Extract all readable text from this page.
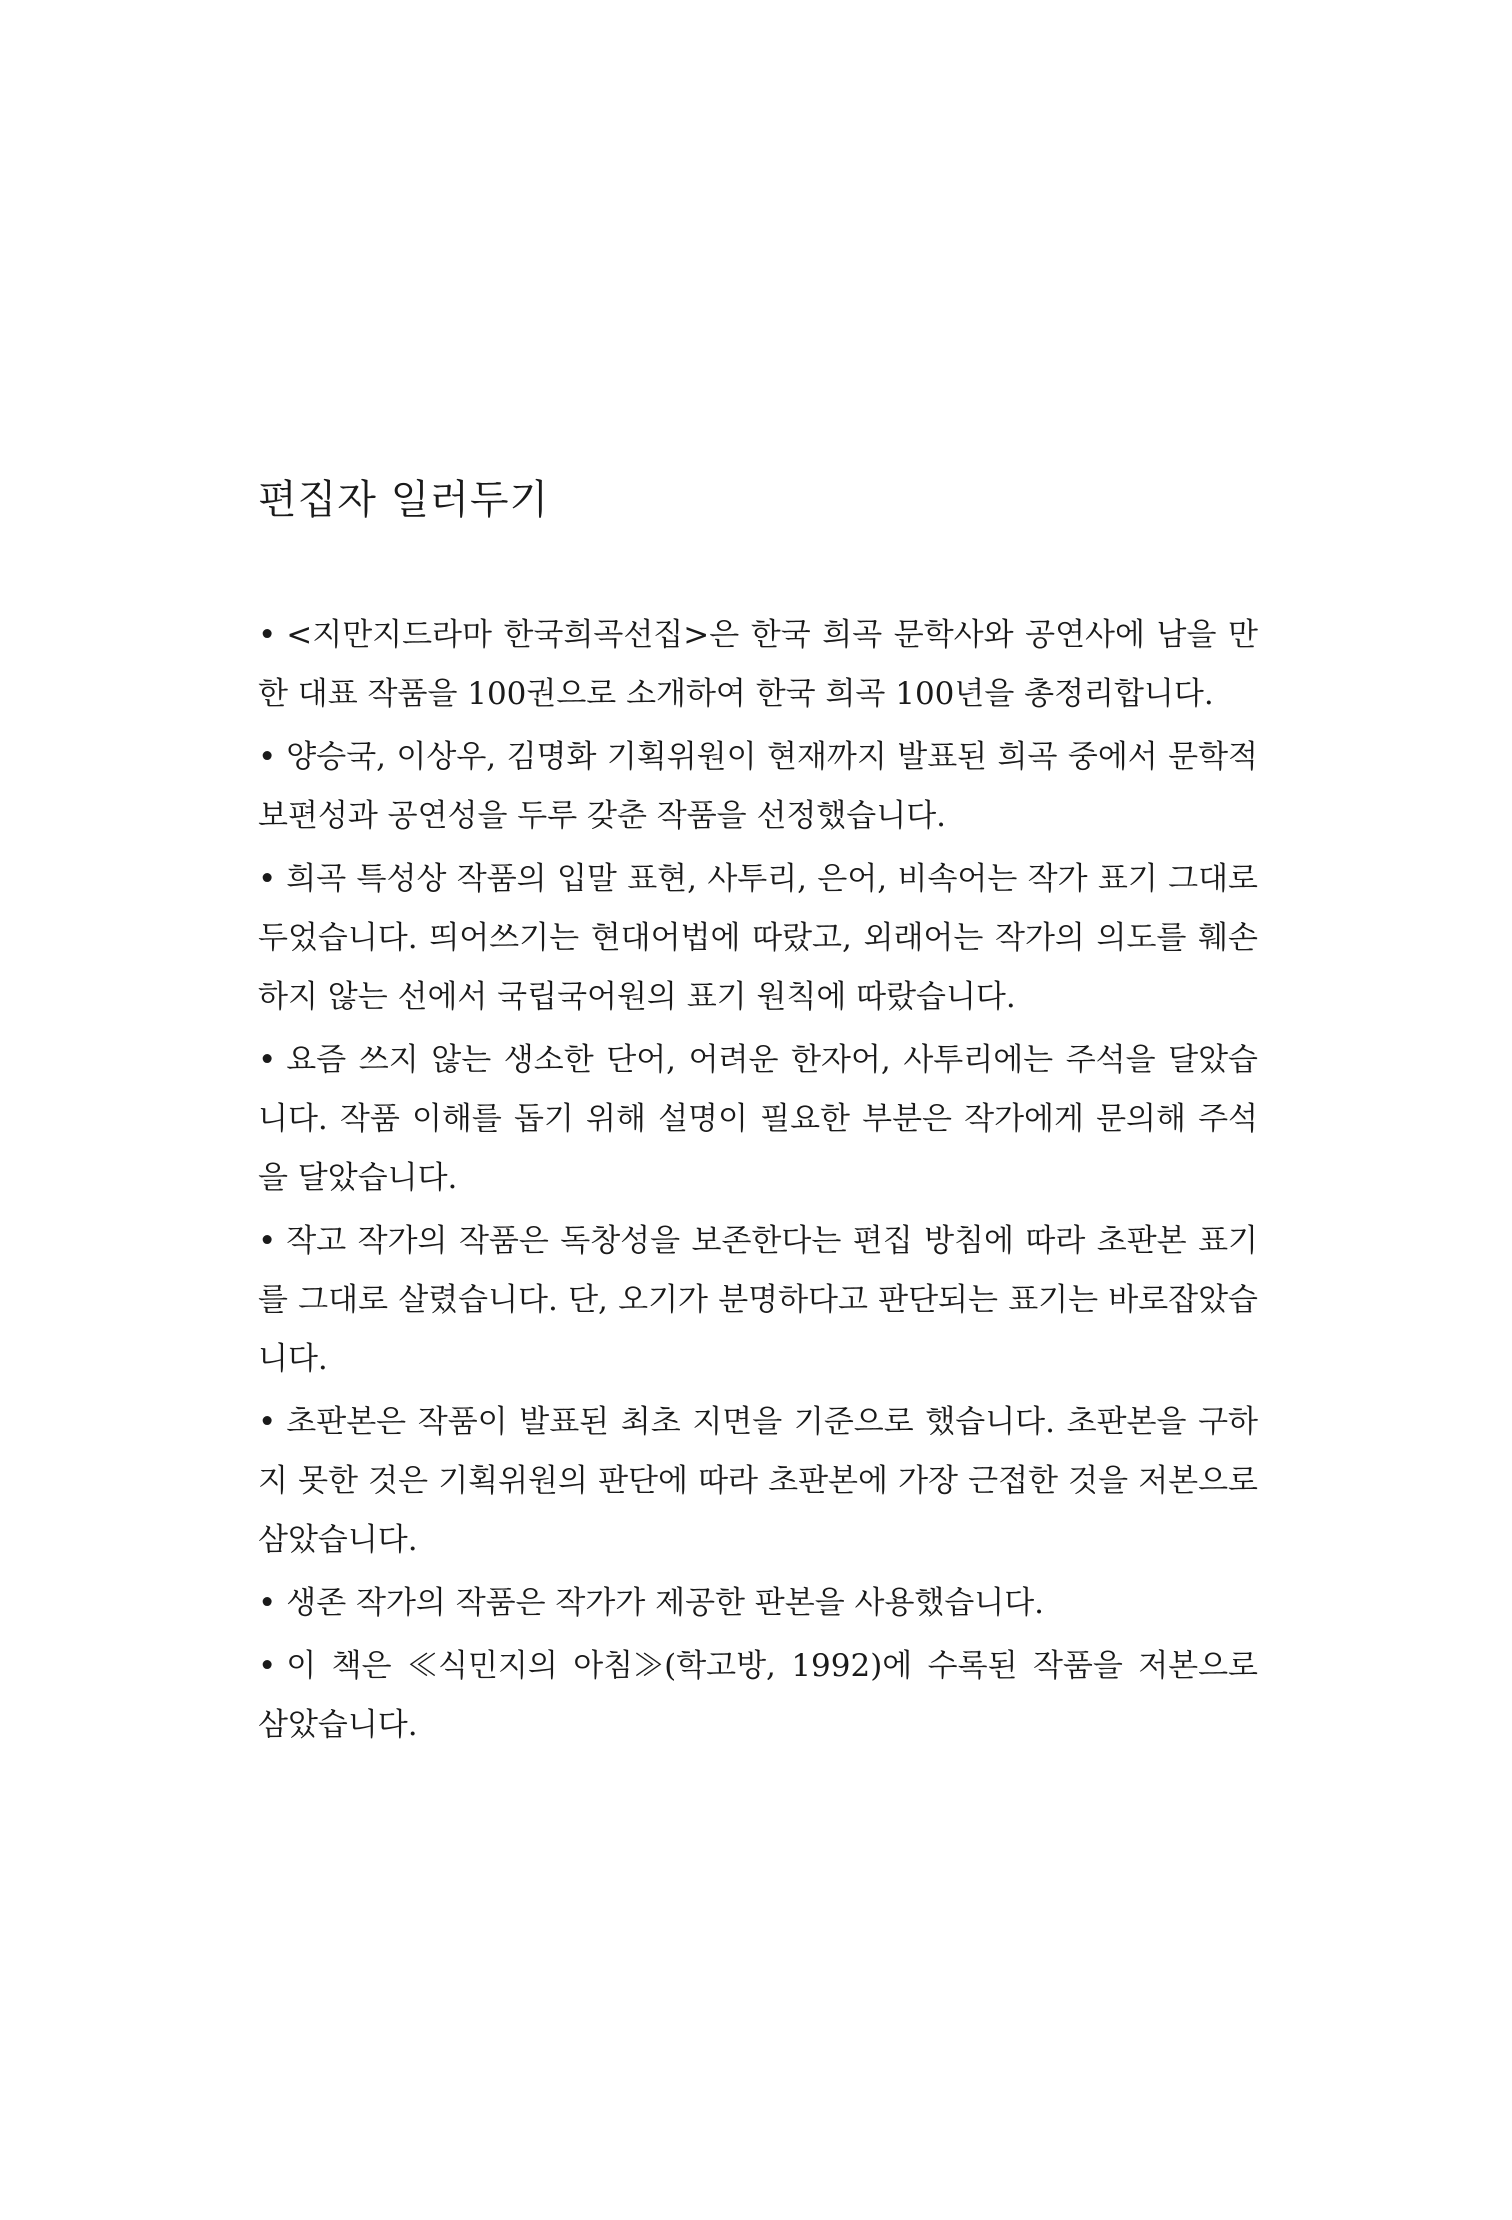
편집자 일러두기
• <지만지드라마 한국희곡선집>은 한국 희곡 문학사와 공연사에 남을 만한 대표 작품을 100권으로 소개하여 한국 희곡 100년을 총정리합니다.
• 양승국, 이상우, 김명화 기획위원이 현재까지 발표된 희곡 중에서 문학적 보편성과 공연성을 두루 갖춘 작품을 선정했습니다.
• 희곡 특성상 작품의 입말 표현, 사투리, 은어, 비속어는 작가 표기 그대로 두었습니다. 띄어쓰기는 현대어법에 따랐고, 외래어는 작가의 의도를 훼손하지 않는 선에서 국립국어원의 표기 원칙에 따랐습니다.
• 요즘 쓰지 않는 생소한 단어, 어려운 한자어, 사투리에는 주석을 달았습니다. 작품 이해를 돕기 위해 설명이 필요한 부분은 작가에게 문의해 주석을 달았습니다.
• 작고 작가의 작품은 독창성을 보존한다는 편집 방침에 따라 초판본 표기를 그대로 살렸습니다. 단, 오기가 분명하다고 판단되는 표기는 바로잡았습니다.
• 초판본은 작품이 발표된 최초 지면을 기준으로 했습니다. 초판본을 구하지 못한 것은 기획위원의 판단에 따라 초판본에 가장 근접한 것을 저본으로 삼았습니다.
• 생존 작가의 작품은 작가가 제공한 판본을 사용했습니다.
• 이 책은 ≪식민지의 아침≫(학고방, 1992)에 수록된 작품을 저본으로 삼았습니다.
